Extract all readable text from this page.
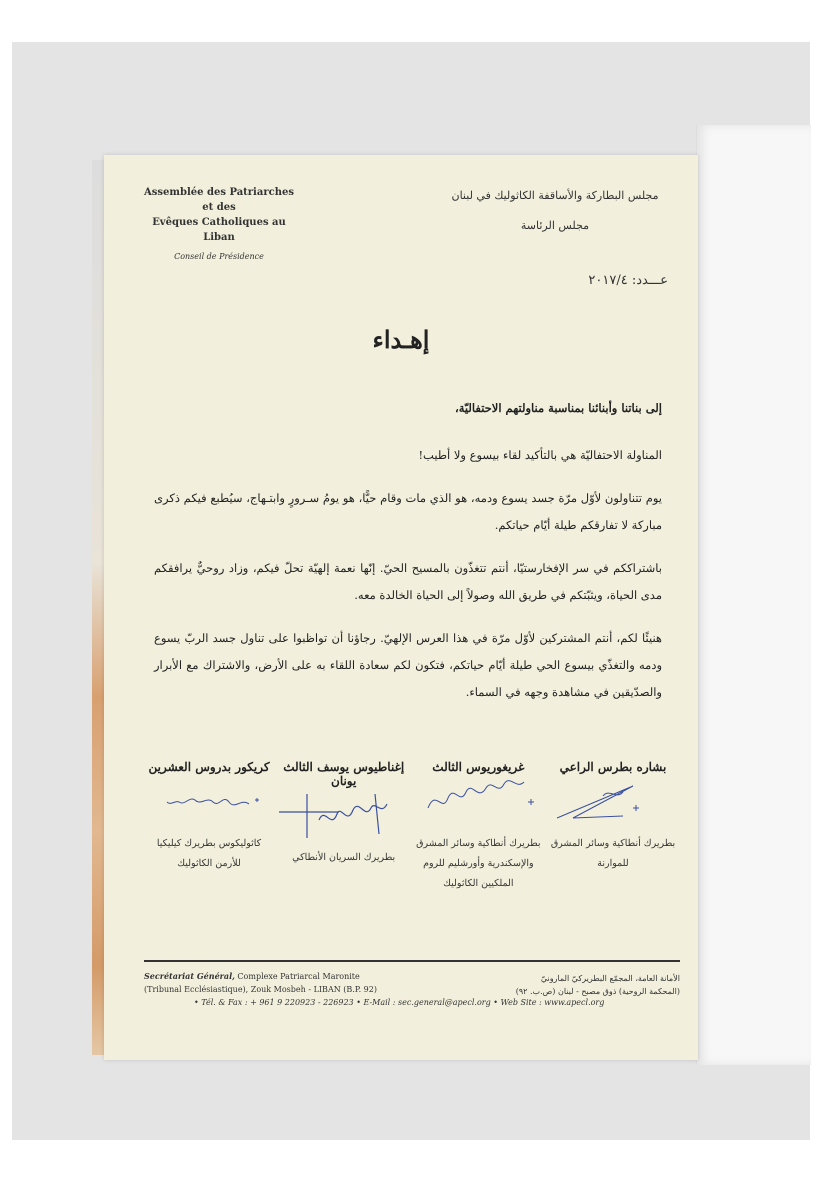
Assemblée des Patriarches et des
Evêques Catholiques au Liban
Conseil de Présidence
مجلس البطاركة والأساقفة الكاثوليك في لبنان
مجلس الرئاسة
عـــدد: ٢٠١٧/٤
إهـداء

إلى بناتنا وأبنائنا بمناسبة مناولتهم الاحتفاليّة،

المناولة الاحتفاليّة هي بالتأكيد لقاء بيسوع ولا أطيب!

يوم تتناولون لأوّل مرّة جسد يسوع ودمه، هو الذي مات وقام حيًّا، هو يومُ سـرورٍ وابتـهاج، سيُطبع فيكم ذكرى مباركة لا تفارقكم طيلة أيّام حياتكم.

باشتراككم في سر الإفخارستيّا، أنتم تتغذّون بالمسيح الحيّ. إنّها نعمة إلهيّة تحلّ فيكم، وزاد روحيٌّ يرافقكم مدى الحياة، ويثبّتكم في طريق الله وصولاً إلى الحياة الخالدة معه.

هنيئًا لكم، أنتم المشتركين لأوّل مرّة في هذا العرس الإلهيّ. رجاؤنا أن تواظبوا على تناول جسد الربّ يسوع ودمه والتغذّي بيسوع الحي طيلة أيّام حياتكم، فتكون لكم سعادة اللقاء به على الأرض، والاشتراك مع الأبرار والصدّيقين في مشاهدة وجهه في السماء.

كريكور بدروس العشرين
كاثوليكوس بطريرك كيليكيا للأرمن الكاثوليك
إغناطيوس يوسف الثالث يونان
بطريرك السريان الأنطاكي
غريغوريوس الثالث
بطريرك أنطاكية وسائر المشرق والإسكندرية وأورشليم للروم الملكيين الكاثوليك
بشاره بطرس الراعي
بطريرك أنطاكية وسائر المشرق للموارنة
Secrétariat Général, Complexe Patriarcal Maronite
(Tribunal Ecclésiastique), Zouk Mosbeh - LIBAN (B.P. 92)
الأمانة العامة، المجمّع البطريركيّ المارونيّ
(المحكمة الروحية) ذوق مصبح - لبنان (ص.ب. ٩٢)
• Tél. & Fax : + 961 9 220923 - 226923 • E-Mail : sec.general@apecl.org • Web Site : www.apecl.org
